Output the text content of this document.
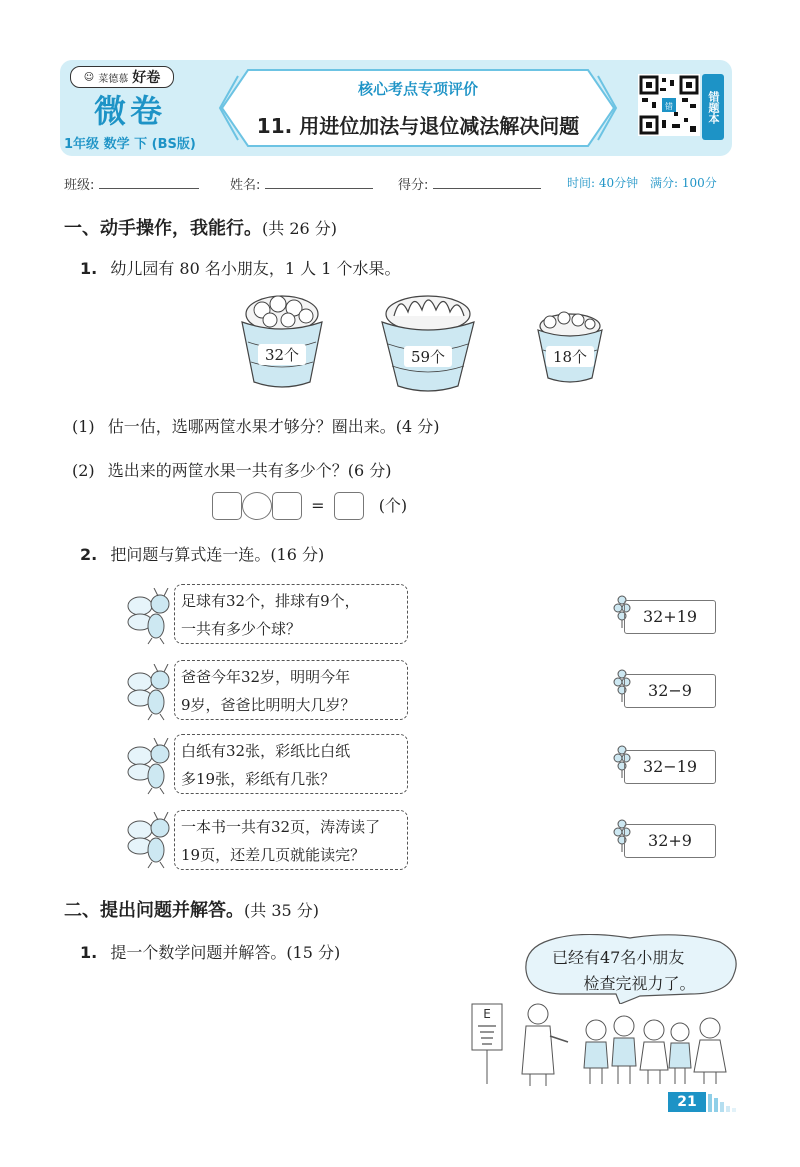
☺ 菜德慕 好卷
微卷
1年级 数学 下 (BS版)
核心考点专项评价
11. 用进位加法与退位减法解决问题
错	错题本
班级:	姓名:	得分:	时间: 40分钟 满分: 100分
一、动手操作，我能行。(共 26 分)
1. 幼儿园有 80 名小朋友，1 人 1 个水果。
32个	59个	18个
(1) 估一估，选哪两筐水果才够分？圈出来。(4 分)
(2) 选出来的两筐水果一共有多少个？(6 分)
=	(个)
2. 把问题与算式连一连。(16 分)
足球有32个，排球有9个，
一共有多少个球？
爸爸今年32岁，明明今年
9岁，爸爸比明明大几岁？
白纸有32张，彩纸比白纸
多19张，彩纸有几张？
一本书一共有32页，涛涛读了
19页，还差几页就能读完？
32+19
32−9
32−19
32+9
二、提出问题并解答。(共 35 分)
1. 提一个数学问题并解答。(15 分)	已经有47名小朋友
检查完视力了。
E
21
